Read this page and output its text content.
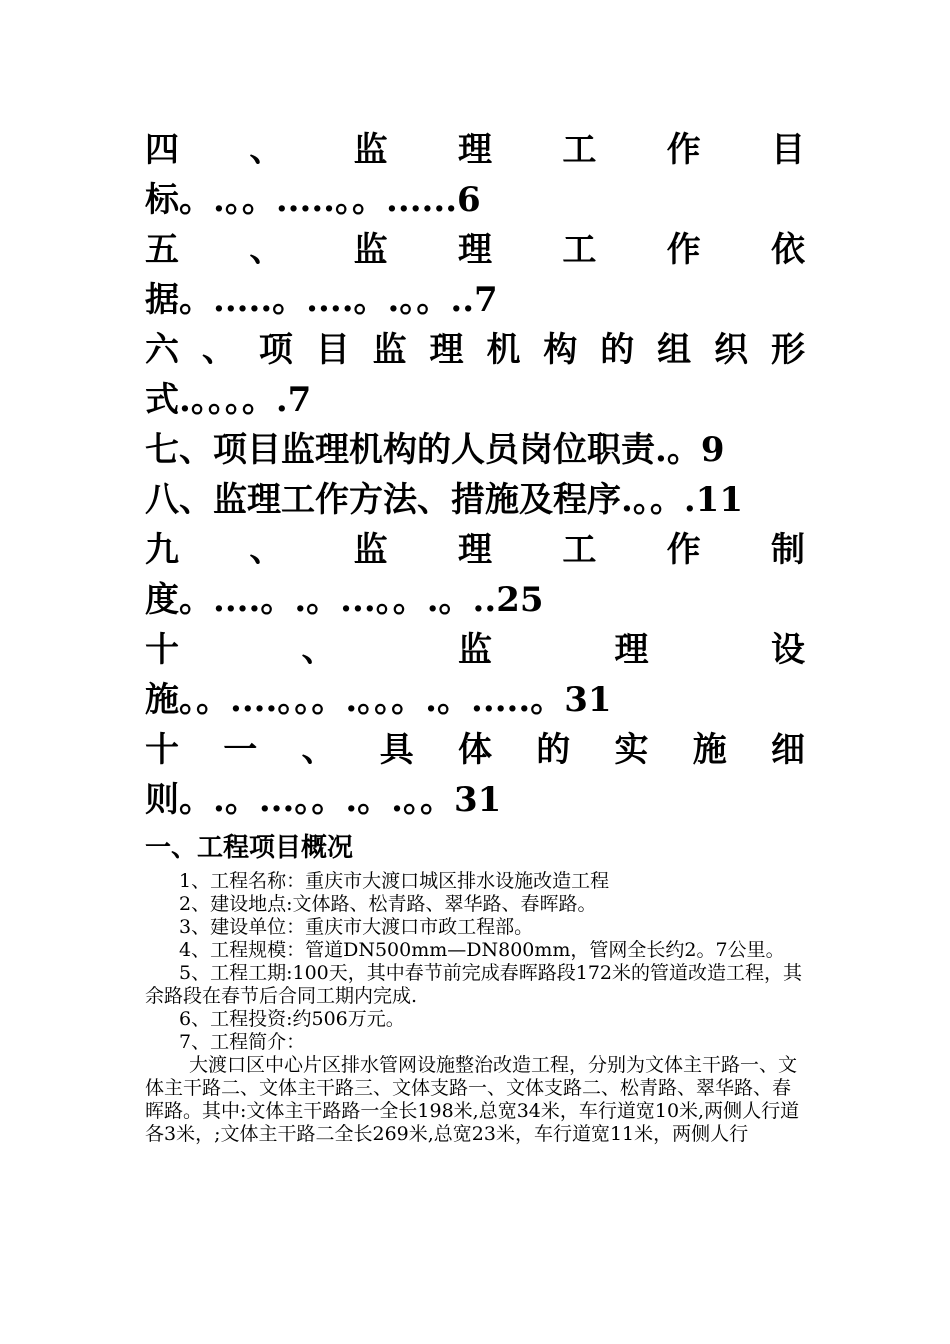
四 、 监 理 工 作 目
标。.。。.....。。......6
五 、 监 理 工 作 依
据。.....。....。.。。..7
六 、 项 目 监 理 机 构 的 组 织 形
式.。。。。.7
七、项目监理机构的人员岗位职责.。9
八、监理工作方法、措施及程序.。。.11
九 、 监 理 工 作 制
度。....。.。...。。.。..25
十	、	监	理	设
施。。....。。。.。。。.。.....。31
十 一 、 具 体 的 实 施 细
则。.。...。。.。.。。31
一、工程项目概况
1、工程名称：重庆市大渡口城区排水设施改造工程
2、建设地点:文体路、松青路、翠华路、春晖路。
3、建设单位：重庆市大渡口市政工程部。
4、工程规模：管道DN500mm—DN800mm，管网全长约2。7公里。
5、工程工期:100天，其中春节前完成春晖路段172米的管道改造工程，其余路段在春节后合同工期内完成.
6、工程投资:约506万元。
7、工程简介：
大渡口区中心片区排水管网设施整治改造工程，分别为文体主干路一、文体主干路二、文体主干路三、文体支路一、文体支路二、松青路、翠华路、春晖路。其中:文体主干路路一全长198米,总宽34米，车行道宽10米,两侧人行道各3米，;文体主干路二全长269米,总宽23米，车行道宽11米，两侧人行
